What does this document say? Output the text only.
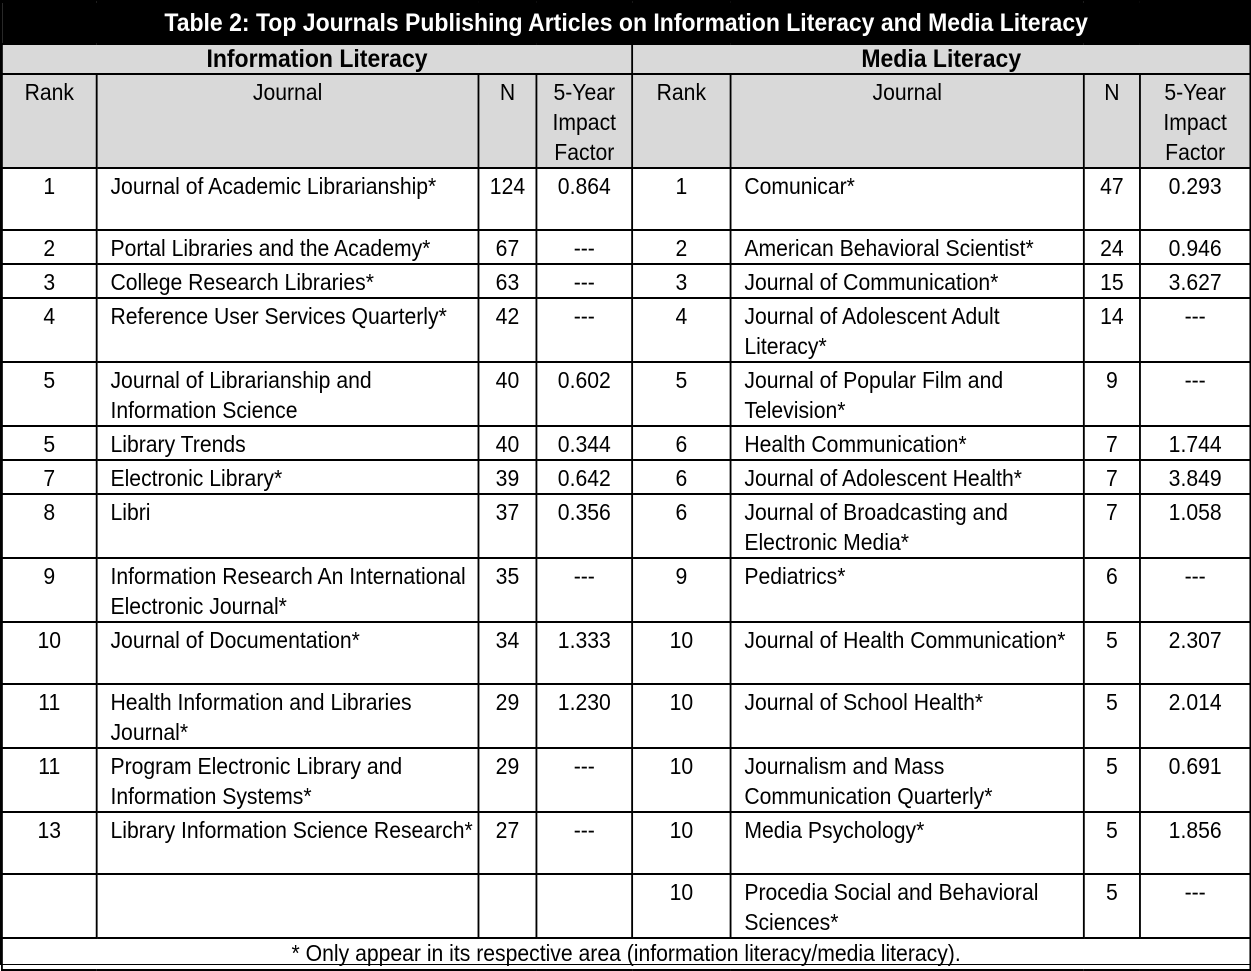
Table 2: Top Journals Publishing Articles on Information Literacy and Media Literacy							
Information Literacy				Media Literacy			
Rank	Journal	N	5-Year Impact Factor	Rank	Journal	N	5-Year Impact Factor
1	Journal of Academic Librarianship*	124	0.864	1	Comunicar*	47	0.293
2	Portal Libraries and the Academy*	67	---	2	American Behavioral Scientist*	24	0.946
3	College Research Libraries*	63	---	3	Journal of Communication*	15	3.627
4	Reference User Services Quarterly*	42	---	4	Journal of Adolescent Adult Literacy*	14	---
5	Journal of Librarianship and Information Science	40	0.602	5	Journal of Popular Film and Television*	9	---
5	Library Trends	40	0.344	6	Health Communication*	7	1.744
7	Electronic Library*	39	0.642	6	Journal of Adolescent Health*	7	3.849
8	Libri	37	0.356	6	Journal of Broadcasting and Electronic Media*	7	1.058
9	Information Research An International Electronic Journal*	35	---	9	Pediatrics*	6	---
10	Journal of Documentation*	34	1.333	10	Journal of Health Communication*	5	2.307
11	Health Information and Libraries Journal*	29	1.230	10	Journal of School Health*	5	2.014
11	Program Electronic Library and Information Systems*	29	---	10	Journalism and Mass Communication Quarterly*	5	0.691
13	Library Information Science Research*	27	---	10	Media Psychology*	5	1.856
				10	Procedia Social and Behavioral Sciences*	5	---
* Only appear in its respective area (information literacy/media literacy).							
